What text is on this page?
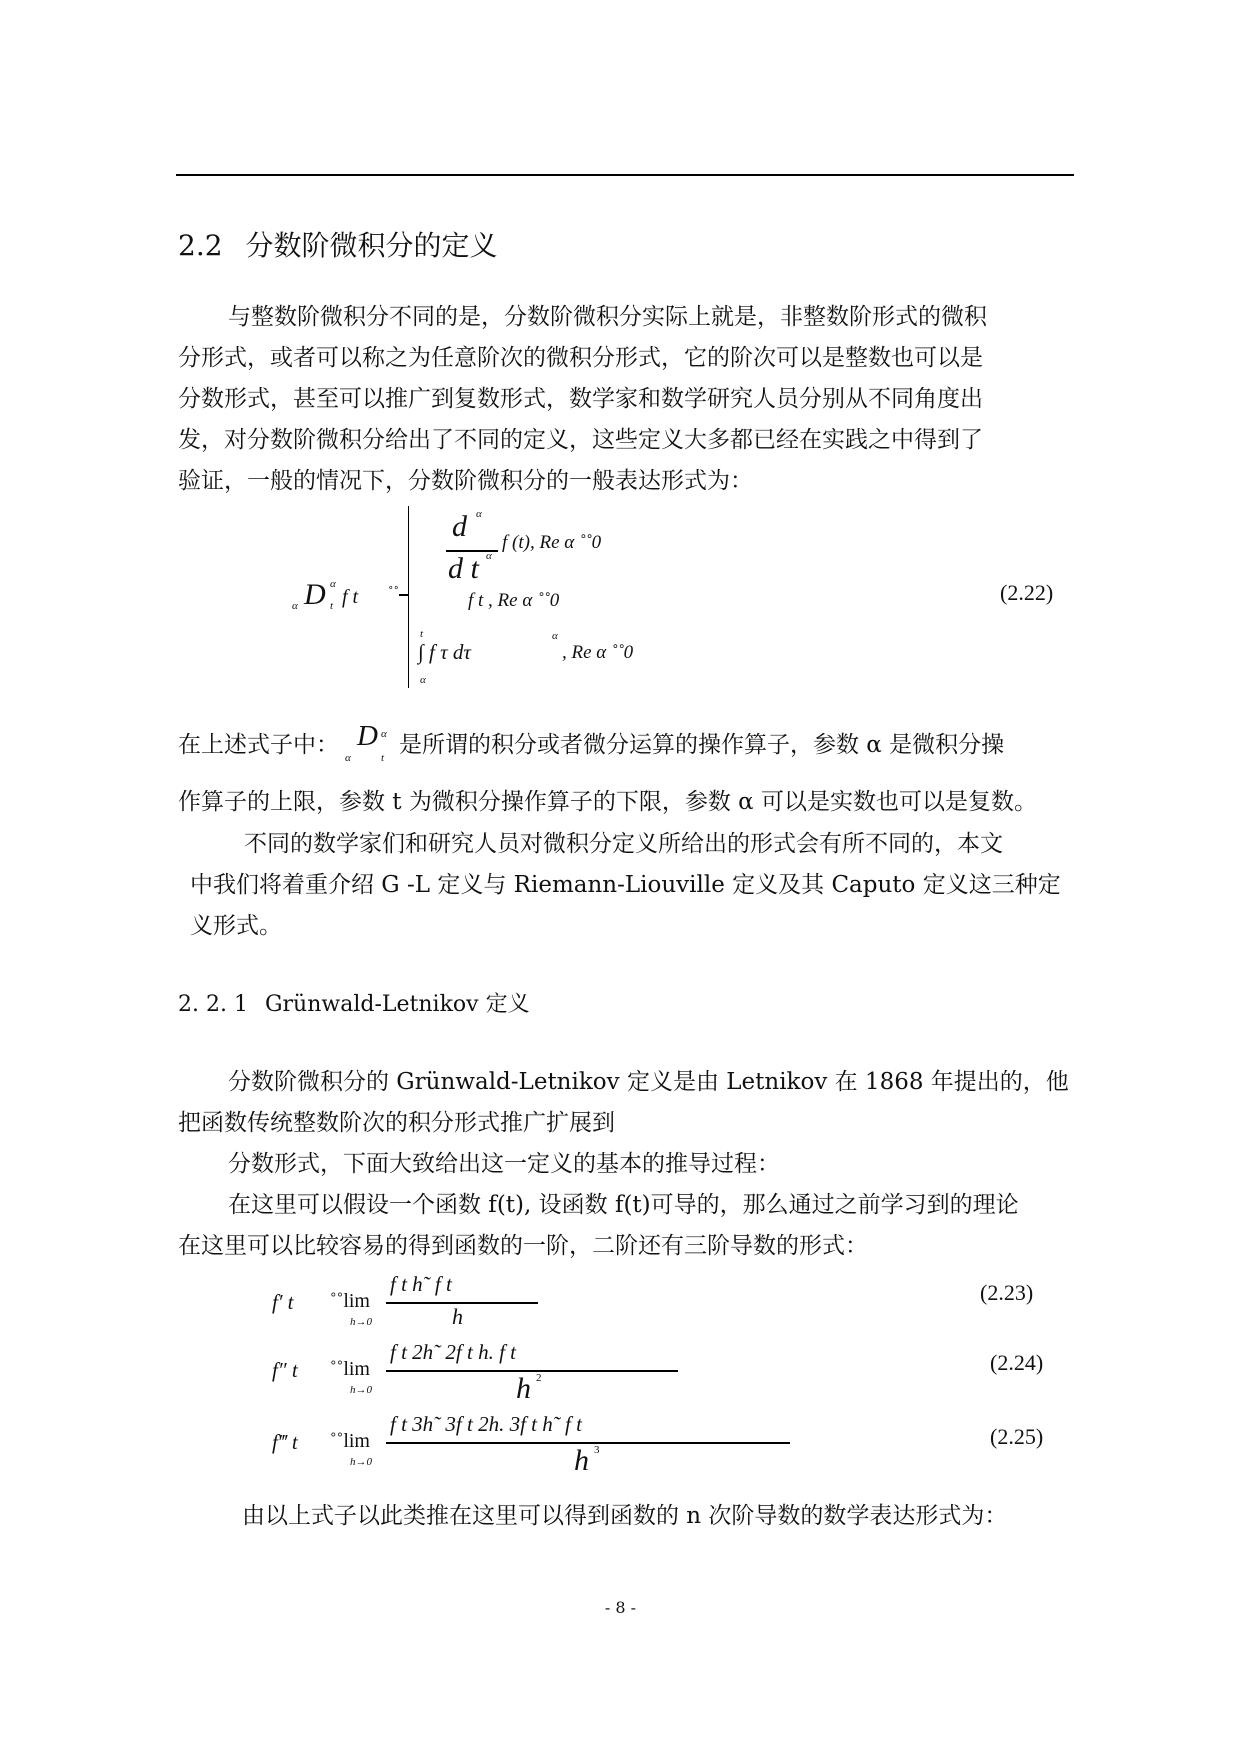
2.2 分数阶微积分的定义
与整数阶微积分不同的是，分数阶微积分实际上就是，非整数阶形式的微积
分形式，或者可以称之为任意阶次的微积分形式，它的阶次可以是整数也可以是
分数形式，甚至可以推广到复数形式，数学家和数学研究人员分别从不同角度出
发，对分数阶微积分给出了不同的定义，这些定义大多都已经在实践之中得到了
验证，一般的情况下，分数阶微积分的一般表达形式为：
α D α
t f t	˚˚
d α
d t α
f (t), Re α ˚˚0
f t , Re α ˚˚0
t
∫ f τ dτ
α
α
, Re α ˚˚0
(2.22)
在上述式子中： α
D α
t 是所谓的积分或者微分运算的操作算子，参数 α 是微积分操
作算子的上限，参数 t 为微积分操作算子的下限，参数 α 可以是实数也可以是复数。
不同的数学家们和研究人员对微积分定义所给出的形式会有所不同的，本文
中我们将着重介绍 G -L 定义与 Riemann-Liouville 定义及其 Caputo 定义这三种定
义形式。
2. 2. 1 Grünwald-Letnikov 定义
分数阶微积分的 Grünwald-Letnikov 定义是由 Letnikov 在 1868 年提出的，他
把函数传统整数阶次的积分形式推广扩展到
分数形式，下面大致给出这一定义的基本的推导过程：
在这里可以假设一个函数 f(t), 设函数 f(t)可导的，那么通过之前学习到的理论
在这里可以比较容易的得到函数的一阶，二阶还有三阶导数的形式：
f′ t ˚˚lim
h→0
f t h˜ f t
h
(2.23)
f″ t ˚˚lim
h→0
f t 2h˜ 2f t h. f t
h 2
(2.24)
f‴ t ˚˚lim
h→0
f t 3h˜ 3f t 2h. 3f t h˜ f t
h 3
(2.25)
由以上式子以此类推在这里可以得到函数的 n 次阶导数的数学表达形式为：
- 8 -
